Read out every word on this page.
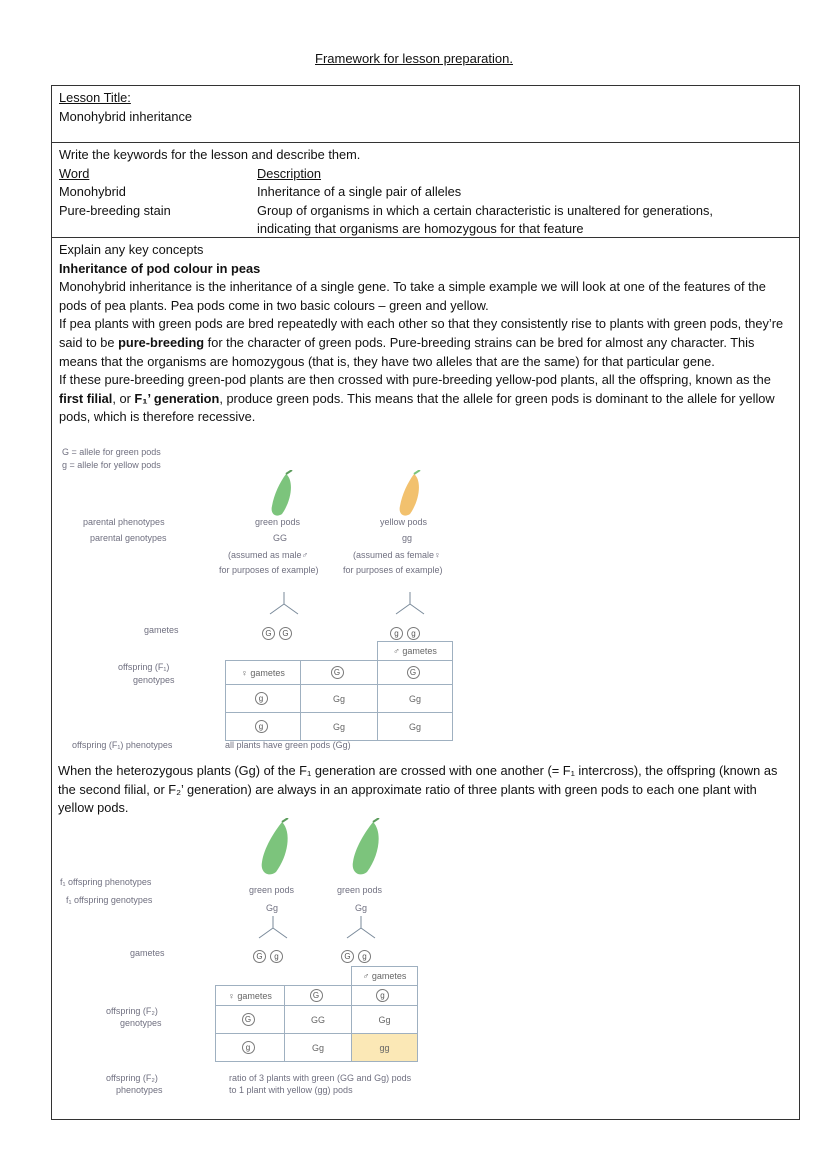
Framework for lesson preparation.
Lesson Title:
Monohybrid inheritance
Write the keywords for the lesson and describe them.
Word	Description
Monohybrid	Inheritance of a single pair of alleles
Pure-breeding stain	Group of organisms in which a certain characteristic is unaltered for generations,
indicating that organisms are homozygous for that feature
Explain any key concepts
Inheritance of pod colour in peas

Monohybrid inheritance is the inheritance of a single gene. To take a simple example we will look at one of the features of the pods of pea plants. Pea pods come in two basic colours – green and yellow.

If pea plants with green pods are bred repeatedly with each other so that they consistently rise to plants with green pods, they’re said to be pure-breeding for the character of green pods. Pure-breeding strains can be bred for almost any character. This means that the organisms are homozygous (that is, they have two alleles that are the same) for that particular gene.

If these pure-breeding green-pod plants are then crossed with pure-breeding yellow-pod plants, all the offspring, known as the first filial, or F₁’ generation, produce green pods. This means that the allele for green pods is dominant to the allele for yellow pods, which is therefore recessive.

G = allele for green pods
g = allele for yellow pods
parental phenotypes
parental genotypes
green pods
GG
yellow pods
gg
(assumed as male♂
for purposes of example)
(assumed as female♀
for purposes of example)
gametes	G G	g g
offspring (F₁)
genotypes
		♂ gametes
♀ gametes	G	G
g	Gg	Gg
g	Gg	Gg
offspring (F₁) phenotypes	all plants have green pods (Gg)
When the heterozygous plants (Gg) of the F₁ generation are crossed with one another (= F₁ intercross), the offspring (known as the second filial, or F₂’ generation) are always in an approximate ratio of three plants with green pods to each one plant with yellow pods.
f₁ offspring phenotypes
f₁ offspring genotypes
green pods
Gg
green pods
Gg
gametes	G g	G g
offspring (F₂)
genotypes
		♂ gametes
♀ gametes	G	g
G	GG	Gg
g	Gg	gg
offspring (F₂)
phenotypes
ratio of 3 plants with green (GG and Gg) pods
to 1 plant with yellow (gg) pods
